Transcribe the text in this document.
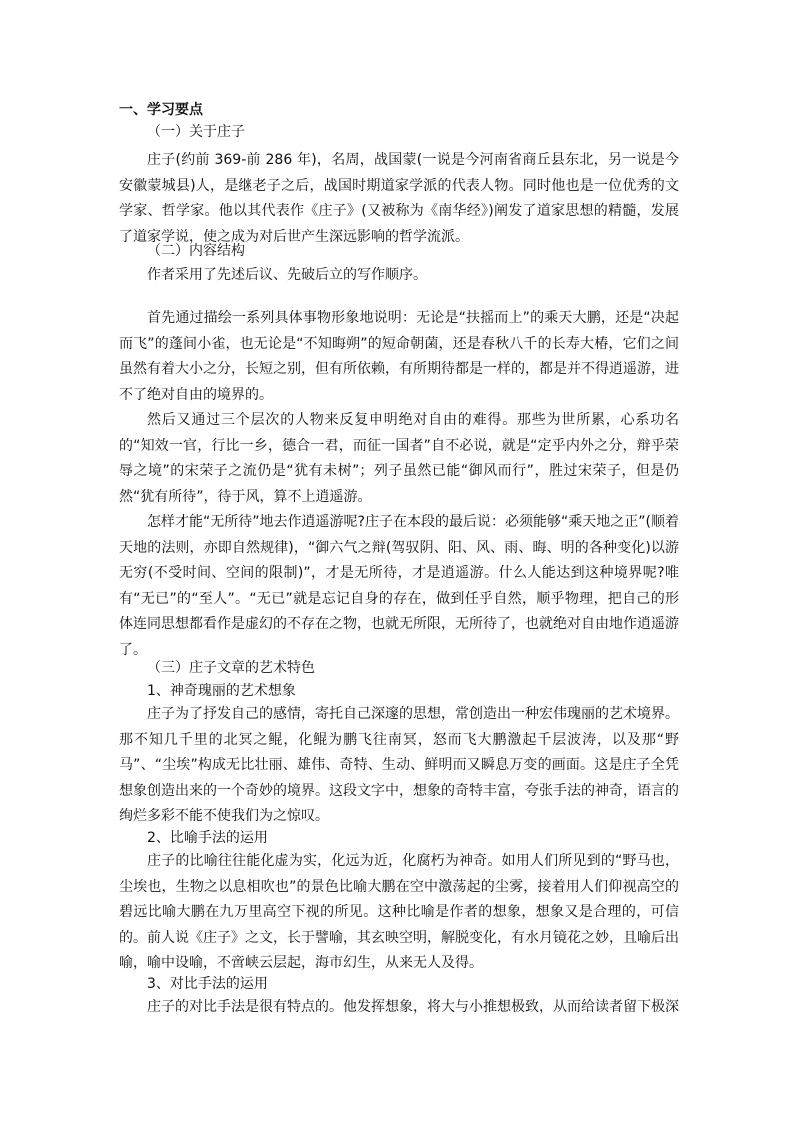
一、学习要点
（一）关于庄子
庄子(约前 369-前 286 年)，名周，战国蒙(一说是今河南省商丘县东北，另一说是今安徽蒙城县)人，是继老子之后，战国时期道家学派的代表人物。同时他也是一位优秀的文学家、哲学家。他以其代表作《庄子》(又被称为《南华经》)阐发了道家思想的精髓，发展了道家学说，使之成为对后世产生深远影响的哲学流派。
（二）内容结构
作者采用了先述后议、先破后立的写作顺序。
首先通过描绘一系列具体事物形象地说明：无论是“扶摇而上”的乘天大鹏，还是“决起而飞”的蓬间小雀，也无论是“不知晦朔”的短命朝菌，还是春秋八千的长寿大椿，它们之间虽然有着大小之分，长短之别，但有所依赖，有所期待都是一样的，都是并不得逍遥游，进不了绝对自由的境界的。
然后又通过三个层次的人物来反复申明绝对自由的难得。那些为世所累，心系功名的“知效一官，行比一乡，德合一君，而征一国者”自不必说，就是“定乎内外之分，辩乎荣辱之境”的宋荣子之流仍是“犹有未树”；列子虽然已能“御风而行”，胜过宋荣子，但是仍然“犹有所待”，待于风，算不上逍遥游。
怎样才能“无所待”地去作逍遥游呢?庄子在本段的最后说：必须能够“乘天地之正”(顺着天地的法则，亦即自然规律)，“御六气之辩(驾驭阴、阳、风、雨、晦、明的各种变化)以游无穷(不受时间、空间的限制)”，才是无所待，才是逍遥游。什么人能达到这种境界呢?唯有“无已”的“至人”。“无已”就是忘记自身的存在，做到任乎自然，顺乎物理，把自己的形体连同思想都看作是虚幻的不存在之物，也就无所限，无所待了，也就绝对自由地作逍遥游了。
（三）庄子文章的艺术特色
1、神奇瑰丽的艺术想象
庄子为了抒发自己的感情，寄托自己深邃的思想，常创造出一种宏伟瑰丽的艺术境界。那不知几千里的北冥之鲲，化鲲为鹏飞往南冥，怒而飞大鹏激起千层波涛，以及那“野马”、“尘埃”构成无比壮丽、雄伟、奇特、生动、鲜明而又瞬息万变的画面。这是庄子全凭想象创造出来的一个奇妙的境界。这段文字中，想象的奇特丰富，夸张手法的神奇，语言的绚烂多彩不能不使我们为之惊叹。
2、比喻手法的运用
庄子的比喻往往能化虚为实，化远为近，化腐朽为神奇。如用人们所见到的“野马也，尘埃也，生物之以息相吹也”的景色比喻大鹏在空中激荡起的尘雾，接着用人们仰视高空的碧远比喻大鹏在九万里高空下视的所见。这种比喻是作者的想象，想象又是合理的，可信的。前人说《庄子》之文，长于譬喻，其玄映空明，解脱变化，有水月镜花之妙，且喻后出喻，喻中设喻，不啻峡云层起，海市幻生，从来无人及得。
3、对比手法的运用
庄子的对比手法是很有特点的。他发挥想象，将大与小推想极致，从而给读者留下极深
